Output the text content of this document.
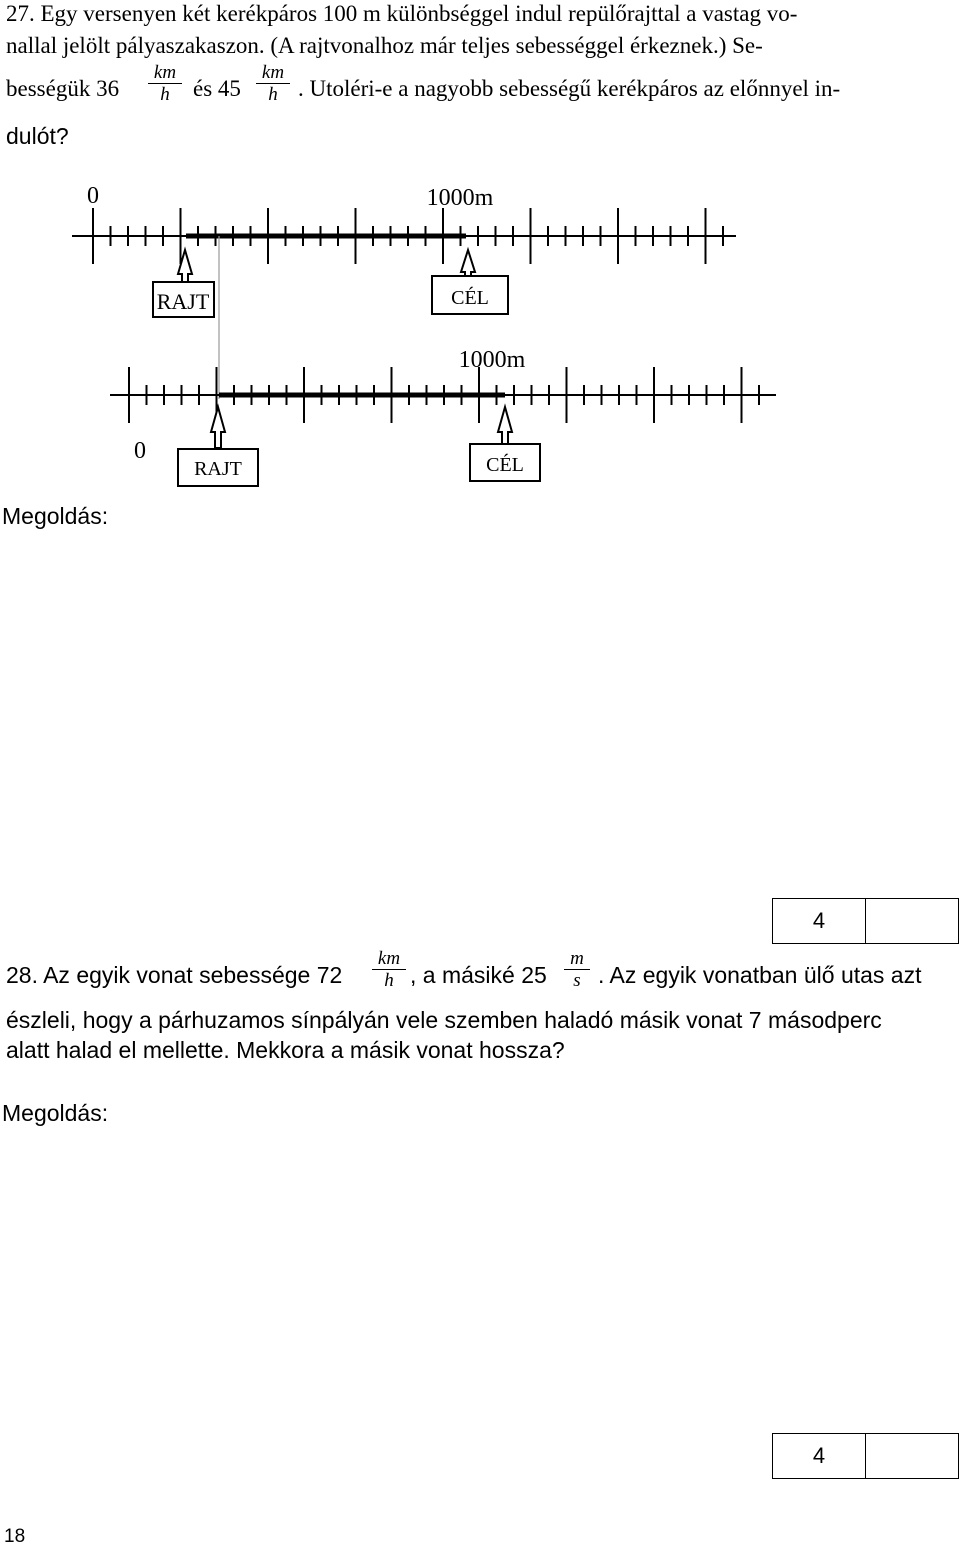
27. Egy versenyen két kerékpáros 100 m különbséggel indul repülőrajttal a vastag vo-
nallal jelölt pályaszakaszon. (A rajtvonalhoz már teljes sebességgel érkeznek.) Se-
bességük $36 \frac{km}{h}$ és $45 \frac{km}{h}$ . Utoléri-e a nagyobb sebességű kerékpáros az előnnyel in-
dulót?
0	1000m
RAJT	CÉL
1000m
0
RAJT	CÉL
Megoldás:
4
28. Az egyik vonat sebessége $72 \frac{km}{h}$ , a másiké $25 \frac{m}{s}$ . Az egyik vonatban ülő utas azt
észleli, hogy a párhuzamos sínpályán vele szemben haladó másik vonat 7 másodperc
alatt halad el mellette. Mekkora a másik vonat hossza?
Megoldás:
4
18
